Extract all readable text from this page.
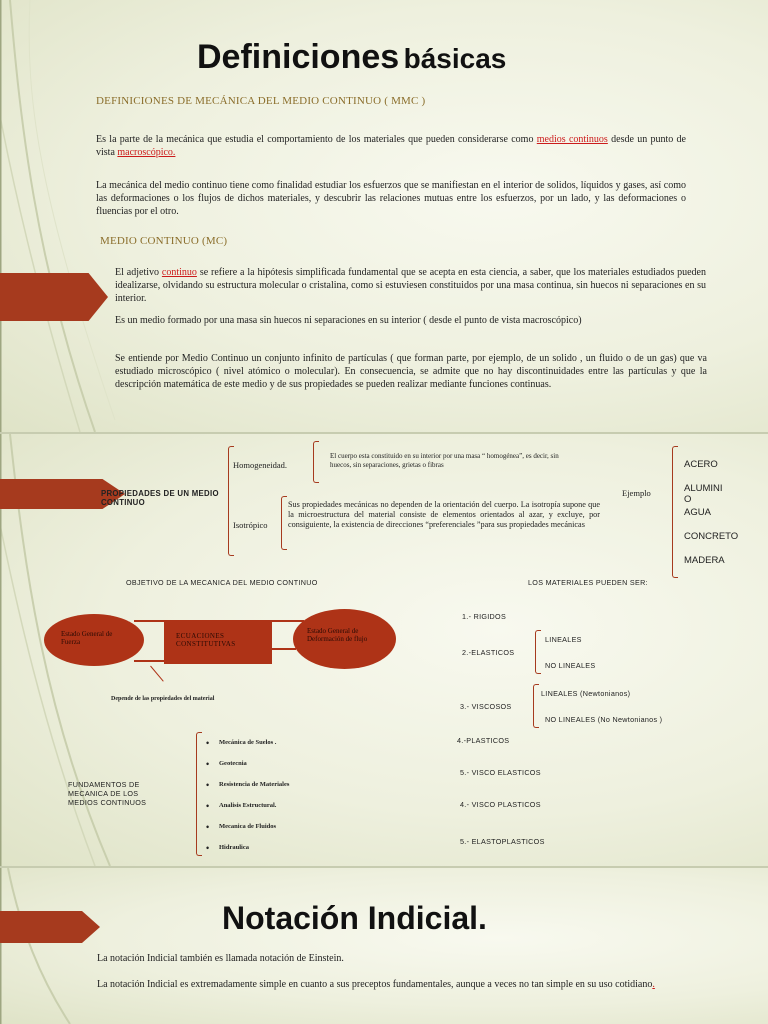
Definiciones básicas
DEFINICIONES DE MECÁNICA DEL MEDIO CONTINUO ( MMC )
Es la parte de la mecánica que estudia el comportamiento de los materiales que pueden considerarse como medios continuos desde un punto de vista macroscópico.
La mecánica del medio continuo tiene como finalidad estudiar los esfuerzos que se manifiestan en el interior de solidos, líquidos y gases, así como las deformaciones o los flujos de dichos materiales, y descubrir las relaciones mutuas entre los esfuerzos, por un lado, y las deformaciones o fluencias por el otro.
MEDIO CONTINUO (MC)
El adjetivo continuo se refiere a la hipótesis simplificada fundamental que se acepta en esta ciencia, a saber, que los materiales estudiados pueden idealizarse, olvidando su estructura molecular o cristalina, como si estuviesen constituidos por una masa continua, sin huecos ni separaciones en su interior.
Es un medio formado por una masa sin huecos ni separaciones en su interior ( desde el punto de vista macroscópico)
Se entiende por Medio Continuo un conjunto infinito de partículas ( que forman parte, por ejemplo, de un solido , un fluido o de un gas) que va estudiado microscópico ( nivel atómico o molecular). En consecuencia, se admite que no hay discontinuidades entre las partículas y que la descripción matemática de este medio y de sus propiedades se pueden realizar mediante funciones continuas.
PROPIEDADES DE UN MEDIO CONTINUO
Homogeneidad.
El cuerpo esta constituido en su interior por una masa “ homogénea”, es decir, sin huecos, sin separaciones, grietas o fibras
Isotrópico
Sus propiedades mecánicas no dependen de la orientación del cuerpo. La isotropía supone que la microestructura del material consiste de elementos orientados al azar, y excluye, por consiguiente, la existencia de direcciones “preferenciales ”para sus propiedades mecánicas
Ejemplo
ACERO
ALUMINI O
AGUA
CONCRETO
MADERA
OBJETIVO DE LA MECANICA DEL MEDIO CONTINUO	LOS MATERIALES PUEDEN SER:
Estado General de Fuerza
ECUACIONES CONSTITUTIVAS
Estado General de Deformación de flujo
Depende de las propiedades del material
FUNDAMENTOS DE MECANICA DE LOS MEDIOS CONTINUOS
• Mecánica de Suelos .
• Geotecnia
• Resistencia de Materiales
• Analisis Estructural.
• Mecanica de Fluidos
• Hidraulica
1.- RIGIDOS
2.-ELASTICOS
LINEALES
NO LINEALES
3.- VISCOSOS
LINEALES (Newtonianos)
NO LINEALES (No Newtonianos )
4.-PLASTICOS
5.- VISCO ELASTICOS
4.- VISCO PLASTICOS
5.- ELASTOPLASTICOS
Notación Indicial.
La notación Indicial también es llamada notación de Einstein.
La notación Indicial es extremadamente simple en cuanto a sus preceptos fundamentales, aunque a veces no tan simple en su uso cotidiano.
